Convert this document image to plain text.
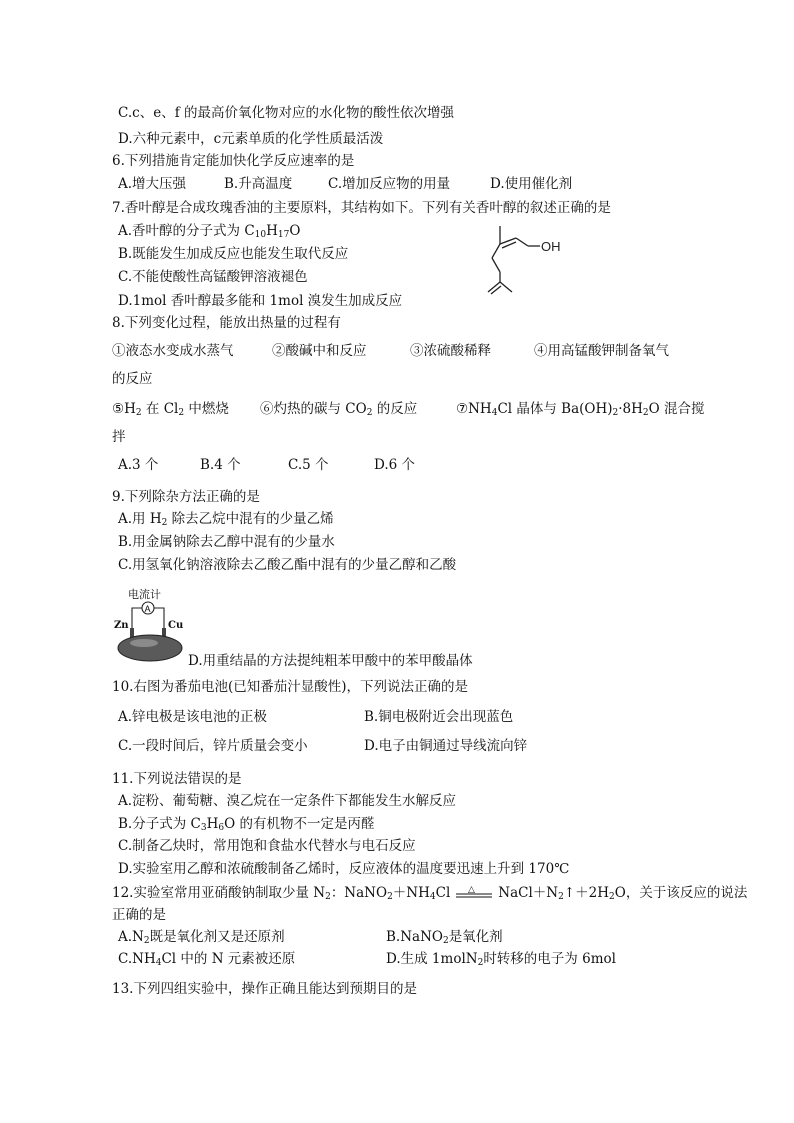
C.c、e、f 的最高价氧化物对应的水化物的酸性依次增强
D.六种元素中，c元素单质的化学性质最活泼
6.下列措施肯定能加快化学反应速率的是
A.增大压强	B.升高温度	C.增加反应物的用量	D.使用催化剂
7.香叶醇是合成玫瑰香油的主要原料，其结构如下。下列有关香叶醇的叙述正确的是
A.香叶醇的分子式为 $C_{10}H_{17}O$
B.既能发生加成反应也能发生取代反应
C.不能使酸性高锰酸钾溶液褪色
D.1mol 香叶醇最多能和 1mol 溴发生加成反应
OH
8.下列变化过程，能放出热量的过程有
①液态水变成水蒸气	②酸碱中和反应	③浓硫酸稀释	④用高锰酸钾制备氧气
的反应
$⑤H_2$ 在 $Cl_2$ 中燃烧 ⑥灼热的碳与 $CO_2$ 的反应	$⑦NH_4Cl$ 晶体与 $Ba(OH)_2\cdot 8H_2O$ 混合搅
拌
A.3 个	B.4 个	C.5 个	D.6 个
9.下列除杂方法正确的是
A.用 $H_2$ 除去乙烷中混有的少量乙烯
B.用金属钠除去乙醇中混有的少量水
C.用氢氧化钠溶液除去乙酸乙酯中混有的少量乙醇和乙酸
电流计
A
Zn	Cu
D.用重结晶的方法提纯粗苯甲酸中的苯甲酸晶体
10.右图为番茄电池(已知番茄汁显酸性)，下列说法正确的是
A.锌电极是该电池的正极	B.铜电极附近会出现蓝色
C.一段时间后，锌片质量会变小	D.电子由铜通过导线流向锌
11.下列说法错误的是
A.淀粉、葡萄糖、溴乙烷在一定条件下都能发生水解反应
B.分子式为 $C_3H_6O$ 的有机物不一定是丙醛
C.制备乙炔时，常用饱和食盐水代替水与电石反应
D.实验室用乙醇和浓硫酸制备乙烯时，反应液体的温度要迅速上升到 170℃
12.实验室常用亚硝酸钠制取少量 $N_2$：$NaNO_2+NH_4Cl$ △ $NaCl+N_2↑+2H_2O$，关于该反应的说法
正确的是
$A.N_2$既是氧化剂又是还原剂	B.NaNO$_2$是氧化剂
$C.NH_4Cl$ 中的 N 元素被还原	D.生成 1molN$_2$时转移的电子为 6mol
13.下列四组实验中，操作正确且能达到预期目的是
